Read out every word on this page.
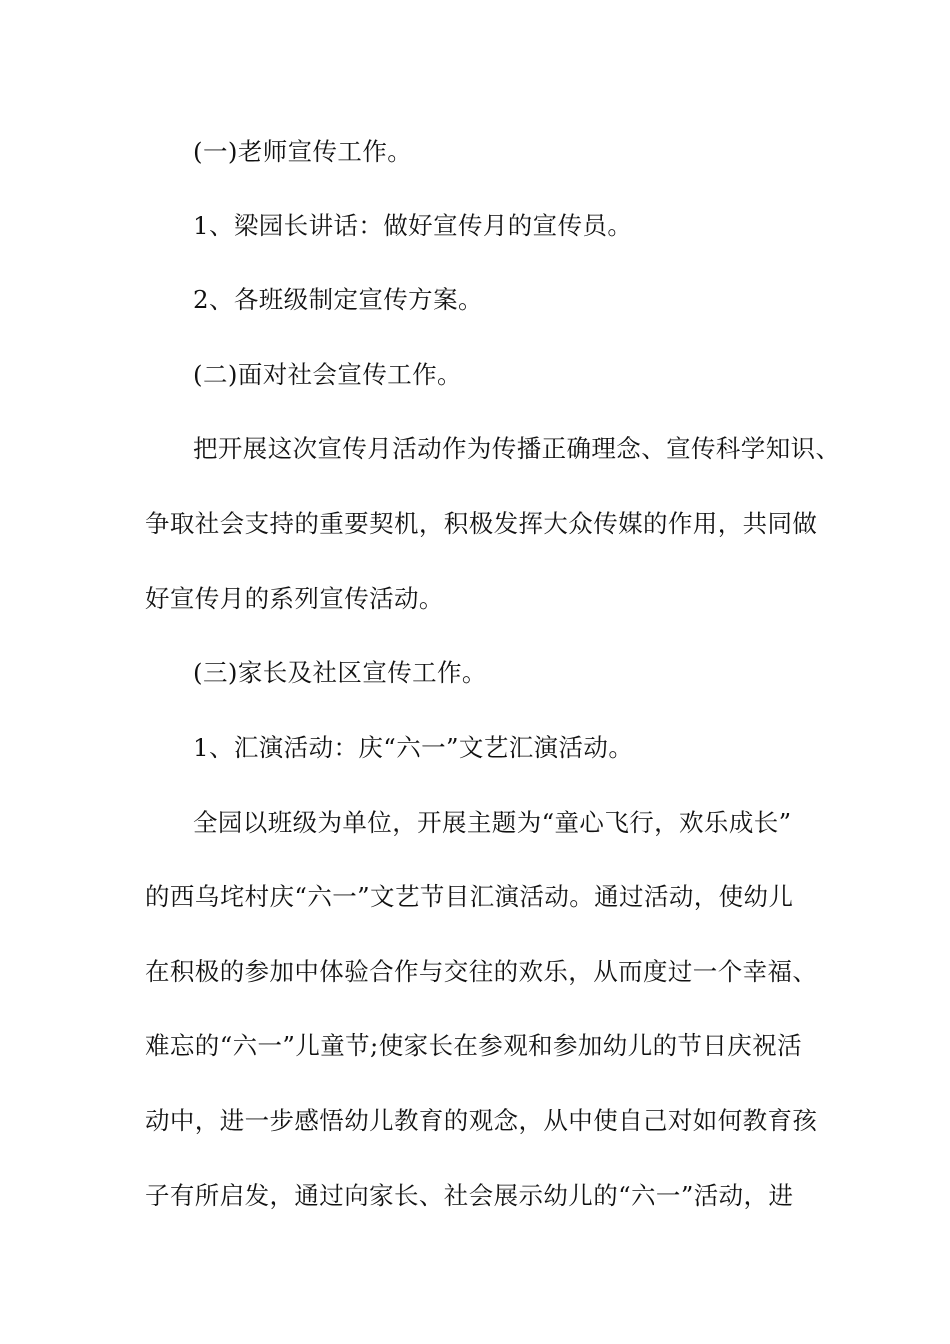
(一)老师宣传工作。
1、梁园长讲话：做好宣传月的宣传员。
2、各班级制定宣传方案。
(二)面对社会宣传工作。
把开展这次宣传月活动作为传播正确理念、宣传科学知识、
争取社会支持的重要契机，积极发挥大众传媒的作用，共同做
好宣传月的系列宣传活动。
(三)家长及社区宣传工作。
1、汇演活动：庆“六一”文艺汇演活动。
全园以班级为单位，开展主题为“童心飞行，欢乐成长”
的西乌垞村庆“六一”文艺节目汇演活动。通过活动，使幼儿
在积极的参加中体验合作与交往的欢乐，从而度过一个幸福、
难忘的“六一”儿童节;使家长在参观和参加幼儿的节日庆祝活
动中，进一步感悟幼儿教育的观念，从中使自己对如何教育孩
子有所启发，通过向家长、社会展示幼儿的“六一”活动，进
